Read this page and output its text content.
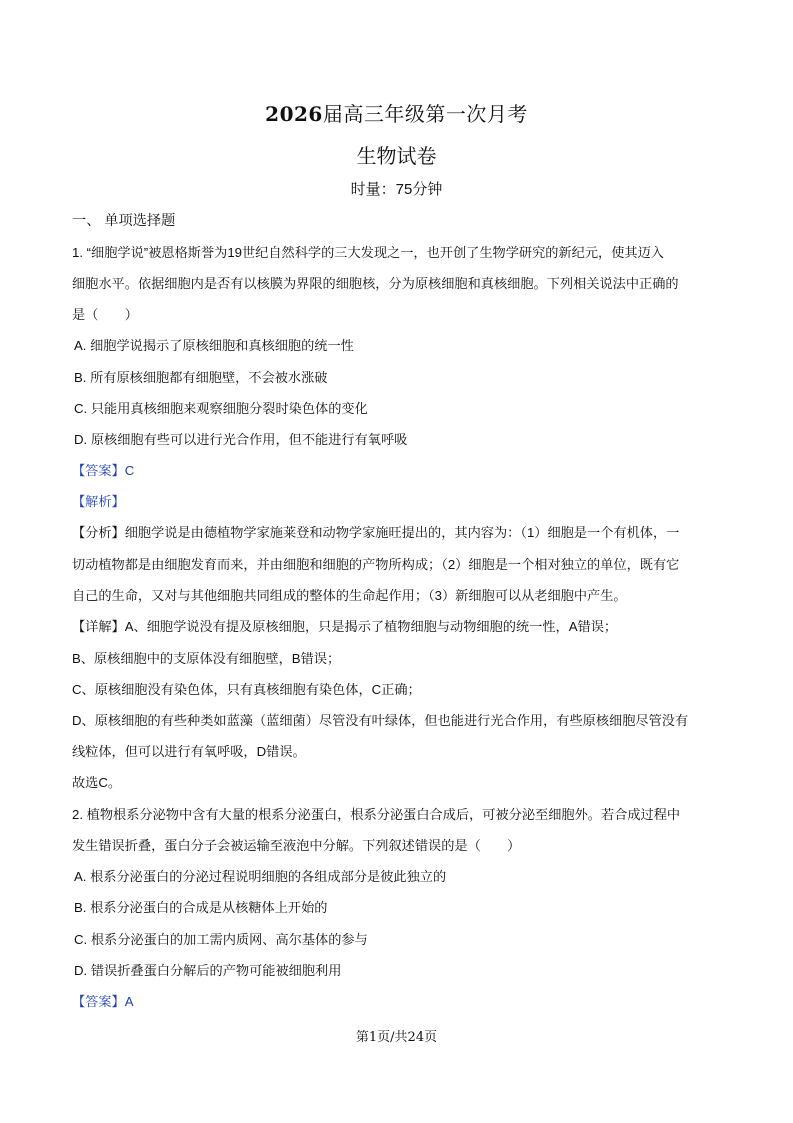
2026届高三年级第一次月考
生物试卷
时量：75分钟
一、 单项选择题
1. “细胞学说”被恩格斯誉为19世纪自然科学的三大发现之一，也开创了生物学研究的新纪元，使其迈入
细胞水平。依据细胞内是否有以核膜为界限的细胞核，分为原核细胞和真核细胞。下列相关说法中正确的
是（　　）
A. 细胞学说揭示了原核细胞和真核细胞的统一性
B. 所有原核细胞都有细胞壁，不会被水涨破
C. 只能用真核细胞来观察细胞分裂时染色体的变化
D. 原核细胞有些可以进行光合作用，但不能进行有氧呼吸
【答案】C
【解析】
【分析】细胞学说是由德植物学家施莱登和动物学家施旺提出的，其内容为：（1）细胞是一个有机体，一
切动植物都是由细胞发育而来，并由细胞和细胞的产物所构成；（2）细胞是一个相对独立的单位，既有它
自己的生命，又对与其他细胞共同组成的整体的生命起作用；（3）新细胞可以从老细胞中产生。
【详解】A、细胞学说没有提及原核细胞，只是揭示了植物细胞与动物细胞的统一性，A错误；
B、原核细胞中的支原体没有细胞壁，B错误；
C、原核细胞没有染色体，只有真核细胞有染色体，C正确；
D、原核细胞的有些种类如蓝藻（蓝细菌）尽管没有叶绿体，但也能进行光合作用，有些原核细胞尽管没有
线粒体，但可以进行有氧呼吸，D错误。
故选C。
2. 植物根系分泌物中含有大量的根系分泌蛋白，根系分泌蛋白合成后，可被分泌至细胞外。若合成过程中
发生错误折叠，蛋白分子会被运输至液泡中分解。下列叙述错误的是（　　）
A. 根系分泌蛋白的分泌过程说明细胞的各组成部分是彼此独立的
B. 根系分泌蛋白的合成是从核糖体上开始的
C. 根系分泌蛋白的加工需内质网、高尔基体的参与
D. 错误折叠蛋白分解后的产物可能被细胞利用
【答案】A
第1页/共24页
